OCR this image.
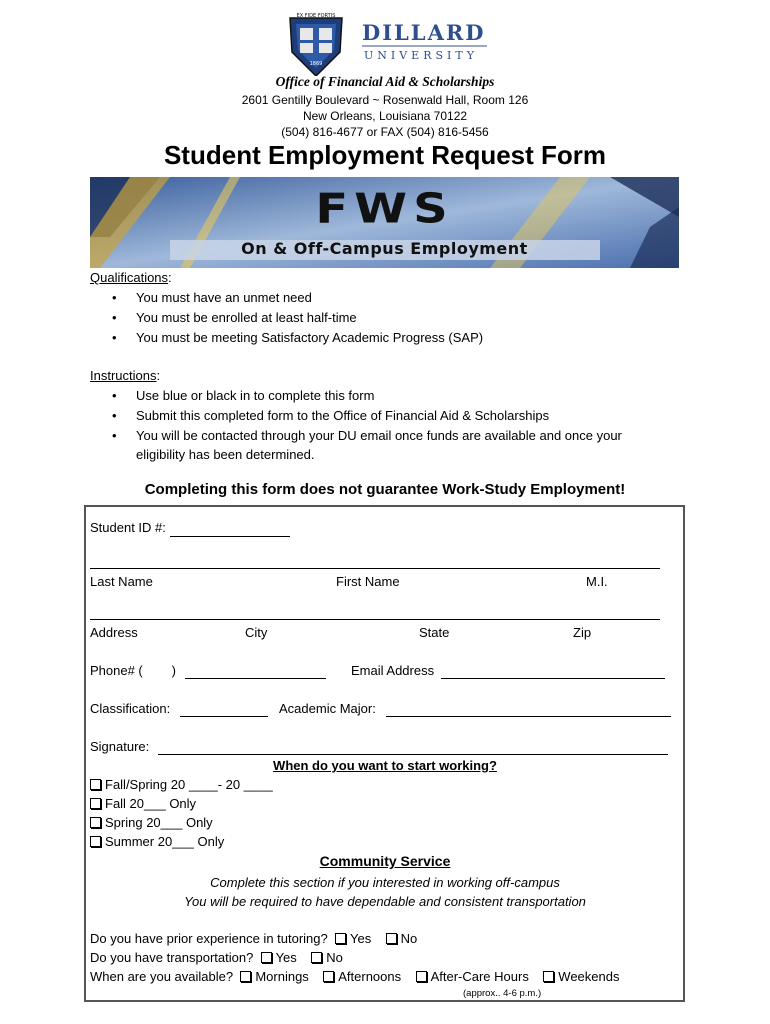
EX FIDE FORTIS
1869
DILLARD
UNIVERSITY
Office of Financial Aid & Scholarships
2601 Gentilly Boulevard ~ Rosenwald Hall, Room 126
New Orleans, Louisiana 70122
(504) 816-4677 or FAX (504) 816-5456
Student Employment Request Form
FWS
On & Off-Campus Employment
Qualifications:
• You must have an unmet need
• You must be enrolled at least half-time
• You must be meeting Satisfactory Academic Progress (SAP)
Instructions:
• Use blue or black in to complete this form
• Submit this completed form to the Office of Financial Aid & Scholarships
• You will be contacted through your DU email once funds are available and once your
eligibility has been determined.
Completing this form does not guarantee Work-Study Employment!
Student ID #:
Last Name	First Name	M.I.
Address	City	State	Zip
Phone# (        )	Email Address
Classification:	Academic Major:
Signature:
When do you want to start working?
Fall/Spring 20 ____- 20 ____
Fall 20___ Only
Spring 20___ Only
Summer 20___ Only
Community Service
Complete this section if you interested in working off-campus
You will be required to have dependable and consistent transportation
Do you have prior experience in tutoring? Yes No
Do you have transportation? Yes No
When are you available? Mornings Afternoons After-Care Hours Weekends
(approx.. 4-6 p.m.)
